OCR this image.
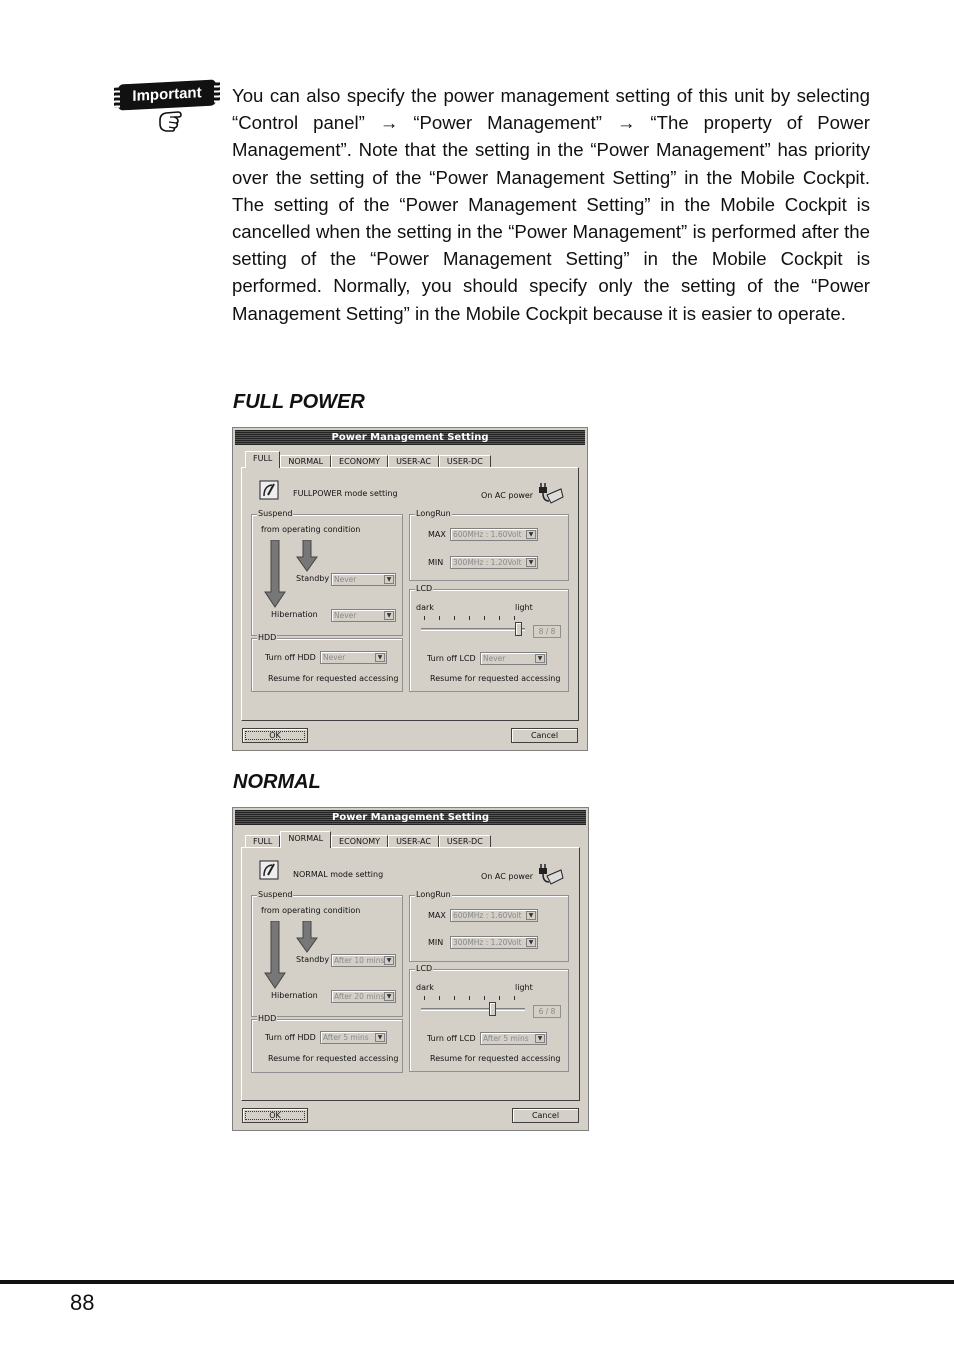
Important	You can also specify the power management setting of this unit by selecting “Control panel” → “Power Management” → “The property of Power Management”. Note that the setting in the “Power Management” has priority over the setting of the “Power Management Setting” in the Mobile Cockpit. The setting of the “Power Management Setting” in the Mobile Cockpit is cancelled when the setting in the “Power Management” is performed after the setting of the “Power Management Setting” in the Mobile Cockpit is performed. Normally, you should specify only the setting of the “Power Management Setting” in the Mobile Cockpit because it is easier to operate.

FULL POWER
Power Management Setting
FULL	NORMAL	ECONOMY	USER-AC	USER-DC
FULLPOWER mode setting	On AC power
Suspend
from operating condition
Standby Never	▼
Hibernation	Never	▼
LongRun
MAX 600MHz : 1.60Volt	▼
MIN	300MHz : 1.20Volt	▼
LCD
dark	light
8 / 8
Turn off LCD Never	▼
Resume for requested accessing
HDD
Turn off HDD Never	▼
Resume for requested accessing
OK	Cancel
NORMAL
Power Management Setting
FULL	NORMAL	ECONOMY	USER-AC	USER-DC
NORMAL mode setting	On AC power
Suspend
from operating condition
Standby After 10 mins ▼
Hibernation	After 20 mins ▼
LongRun
MAX 600MHz : 1.60Volt	▼
MIN	300MHz : 1.20Volt	▼
LCD
dark	light
6 / 8
Turn off LCD After 5 mins	▼
Resume for requested accessing
HDD
Turn off HDD After 5 mins	▼
Resume for requested accessing
OK	Cancel
88
